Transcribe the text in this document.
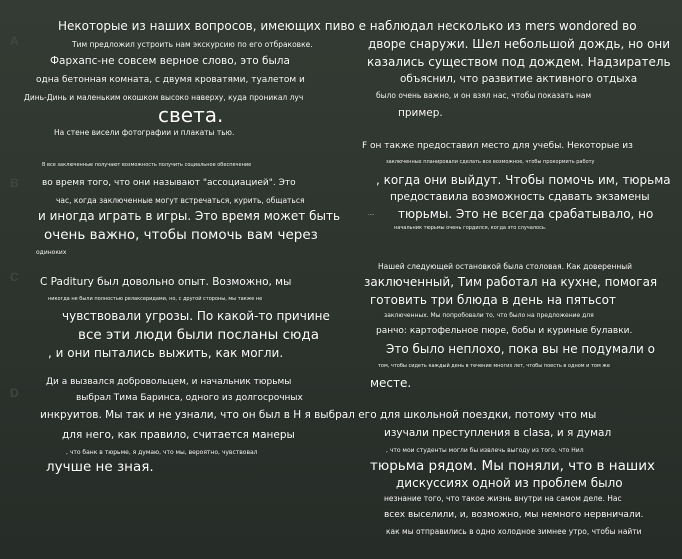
A
B
C
D
Некоторые из наших вопросов, имеющих пиво е наблюдал несколько из mers wondored во
Тим предложил устроить нам экскурсию по его отбраковке.
Фархапс-не совсем верное слово, это была
одна бетонная комната, с двумя кроватями, туалетом и
Динь-Динь и маленьким окошком высоко наверху, куда проникал луч
света.
На стене висели фотографии и плакаты тью.
В все заключенные получают возможность получить социальное обеспечение
во время того, что они называют "ассоциацией". Это
час, когда заключенные могут встречаться, курить, общаться
и иногда играть в игры. Это время может быть
очень важно, чтобы помочь вам через
одиноких
С Paditury был довольно опыт. Возможно, мы
никогда не были полностью релаксеридами, но, с другой стороны, мы также не
чувствовали угрозы. По какой-то причине
все эти люди были посланы сюда
, и они пытались выжить, как могли.
Ди а вызвался добровольцем, и начальник тюрьмы
выбрал Тима Баринса, одного из долгосрочных
инкруитов. Мы так и не узнали, что он был в Н я выбрал его для школьной поездки, потому что мы
для него, как правило, считается манеры
, что банк в тюрьме, я думаю, что мы, вероятно, чувствовал
лучше не зная.
дворе снаружи. Шел небольшой дождь, но они
казались существом под дождем. Надзиратель
объяснил, что развитие активного отдыха
было очень важно, и он взял нас, чтобы показать нам
пример.
F он также предоставил место для учебы. Некоторые из
заключенных планировали сделать все возможное, чтобы прокормить работу
, когда они выйдут. Чтобы помочь им, тюрьма
предоставила возможность сдавать экзамены
тюрьмы. Это не всегда срабатывало, но
····
начальник тюрьмы очень гордился, когда это случалось.
Нашей следующей остановкой была столовая. Как доверенный
заключенный, Тим работал на кухне, помогая
готовить три блюда в день на пятьсот
заключенных. Мы попробовали то, что было на предложение для
ранчо: картофельное пюре, бобы и куриные булавки.
Это было неплохо, пока вы не подумали о
том, чтобы сидеть каждый день в течение многих лет, чтобы поесть в одном и том же
месте.
изучали преступления в clasa, и я думал
, что мои студенты могли бы извлечь выгоду из того, что Нил
тюрьма рядом. Мы поняли, что в наших
дискуссиях одной из проблем было
незнание того, что такое жизнь внутри на самом деле. Нас
всех выселили, и, возможно, мы немного нервничали.
как мы отправились в одно холодное зимнее утро, чтобы найти
